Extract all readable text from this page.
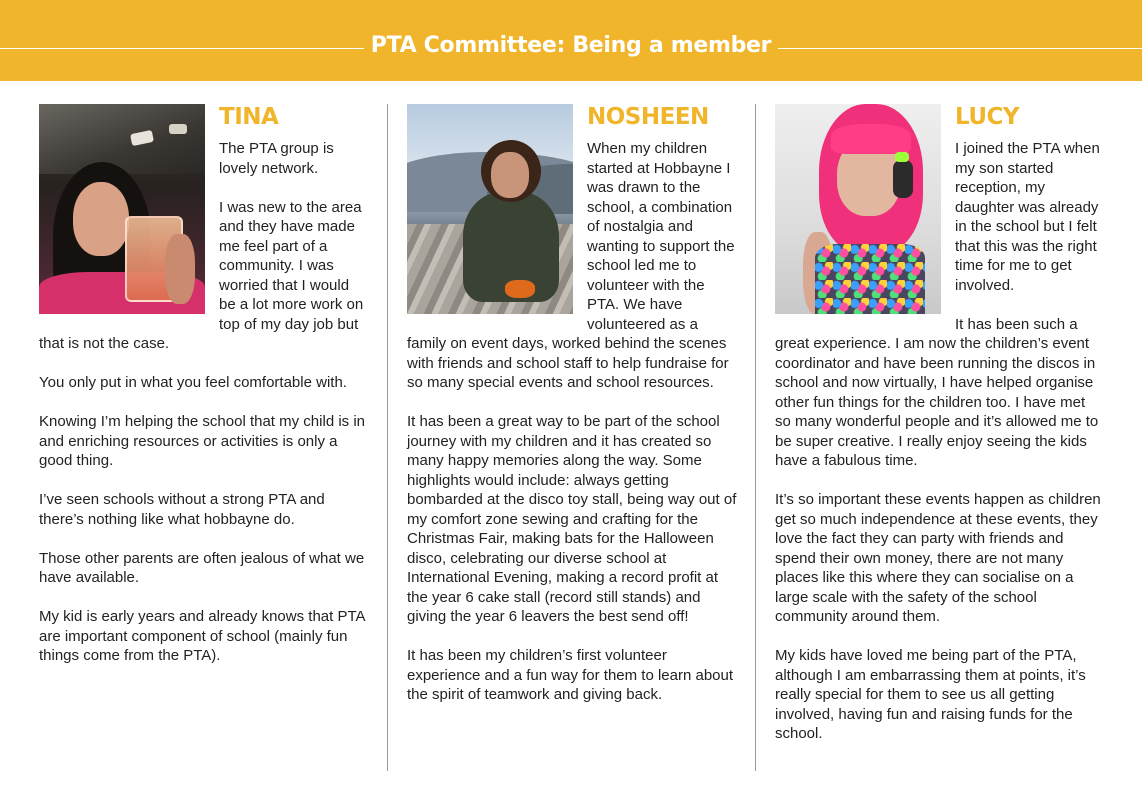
PTA Committee: Being a member
TINA

The PTA group is lovely network.

I was new to the area and they have made me feel part of a community. I was worried that I would be a lot more work on top of my day job but that is not the case.

You only put in what you feel comfortable with.

Knowing I’m helping the school that my child is in and enriching resources or activities is only a good thing.

I’ve seen schools without a strong PTA and there’s nothing like what hobbayne do.

Those other parents are often jealous of what we have available.

My kid is early years and already knows that PTA are important component of school (mainly fun things come from the PTA).

NOSHEEN

When my children started at Hobbayne I was drawn to the school, a combination of nostalgia and wanting to support the school led me to volunteer with the PTA. We have volunteered as a family on event days, worked behind the scenes with friends and school staff to help fundraise for so many special events and school resources.

It has been a great way to be part of the school journey with my children and it has created so many happy memories along the way. Some highlights would include: always getting bombarded at the disco toy stall, being way out of my comfort zone sewing and crafting for the Christmas Fair, making bats for the Halloween disco, celebrating our diverse school at International Evening, making a record profit at the year 6 cake stall (record still stands) and giving the year 6 leavers the best send off!

It has been my children’s first volunteer experience and a fun way for them to learn about the spirit of teamwork and giving back.

LUCY

I joined the PTA when my son started reception, my daughter was already in the school but I felt that this was the right time for me to get involved.

It has been such a great experience. I am now the children’s event coordinator and have been running the discos in school and now virtually, I have helped organise other fun things for the children too. I have met so many wonderful people and it’s allowed me to be super creative. I really enjoy seeing the kids have a fabulous time.

It’s so important these events happen as children get so much independence at these events, they love the fact they can party with friends and spend their own money, there are not many places like this where they can socialise on a large scale with the safety of the school community around them.

My kids have loved me being part of the PTA, although I am embarrassing them at points, it’s really special for them to see us all getting involved, having fun and raising funds for the school.
